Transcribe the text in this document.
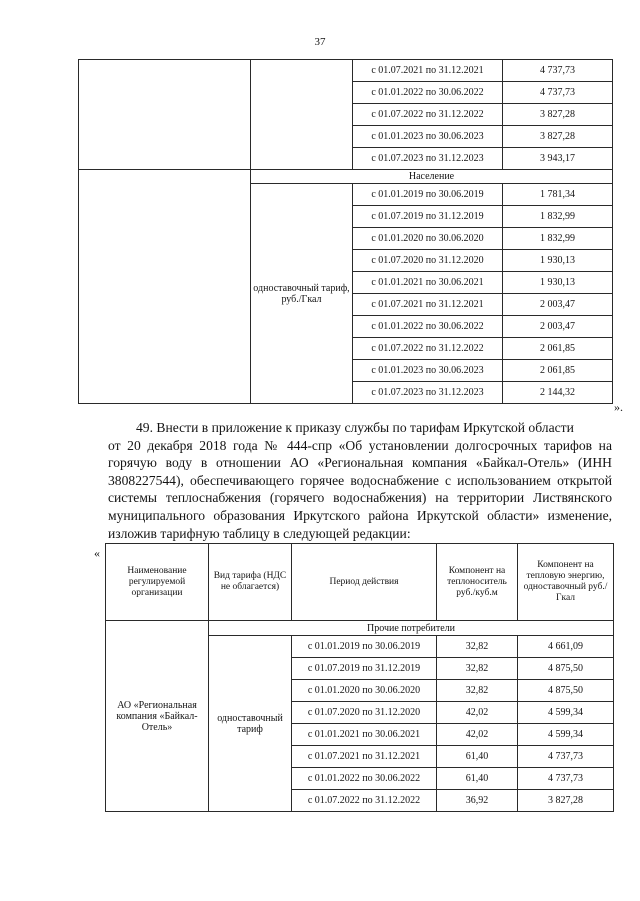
37
		с 01.07.2021 по 31.12.2021	4 737,73
		с 01.01.2022 по 30.06.2022	4 737,73
		с 01.07.2022 по 31.12.2022	3 827,28
		с 01.01.2023 по 30.06.2023	3 827,28
		с 01.07.2023 по 31.12.2023	3 943,17
	Население		
	одноставочный тариф, руб./Гкал	с 01.01.2019 по 30.06.2019	1 781,34
		с 01.07.2019 по 31.12.2019	1 832,99
		с 01.01.2020 по 30.06.2020	1 832,99
		с 01.07.2020 по 31.12.2020	1 930,13
		с 01.01.2021 по 30.06.2021	1 930,13
		с 01.07.2021 по 31.12.2021	2 003,47
		с 01.01.2022 по 30.06.2022	2 003,47
		с 01.07.2022 по 31.12.2022	2 061,85
		с 01.01.2023 по 30.06.2023	2 061,85
		с 01.07.2023 по 31.12.2023	2 144,32
».
49. Внести в приложение к приказу службы по тарифам Иркутской области
от 20 декабря 2018 года № 444-спр «Об установлении долгосрочных тарифов на горячую воду в отношении АО «Региональная компания «Байкал-Отель» (ИНН 3808227544), обеспечивающего горячее водоснабжение с использованием открытой системы теплоснабжения (горячего водоснабжения) на территории Листвянского муниципального образования Иркутского района Иркутской области» изменение, изложив тарифную таблицу в следующей редакции:
«
Наименование регулируемой организации	Вид тарифа (НДС не облагается)	Период действия	Компонент на теплоноситель руб./куб.м	Компонент на тепловую энергию, одноставочный руб./Гкал
АО «Региональная компания «Байкал-Отель»	Прочие потребители			
	одноставочный тариф	с 01.01.2019 по 30.06.2019	32,82	4 661,09
		с 01.07.2019 по 31.12.2019	32,82	4 875,50
		с 01.01.2020 по 30.06.2020	32,82	4 875,50
		с 01.07.2020 по 31.12.2020	42,02	4 599,34
		с 01.01.2021 по 30.06.2021	42,02	4 599,34
		с 01.07.2021 по 31.12.2021	61,40	4 737,73
		с 01.01.2022 по 30.06.2022	61,40	4 737,73
		с 01.07.2022 по 31.12.2022	36,92	3 827,28
